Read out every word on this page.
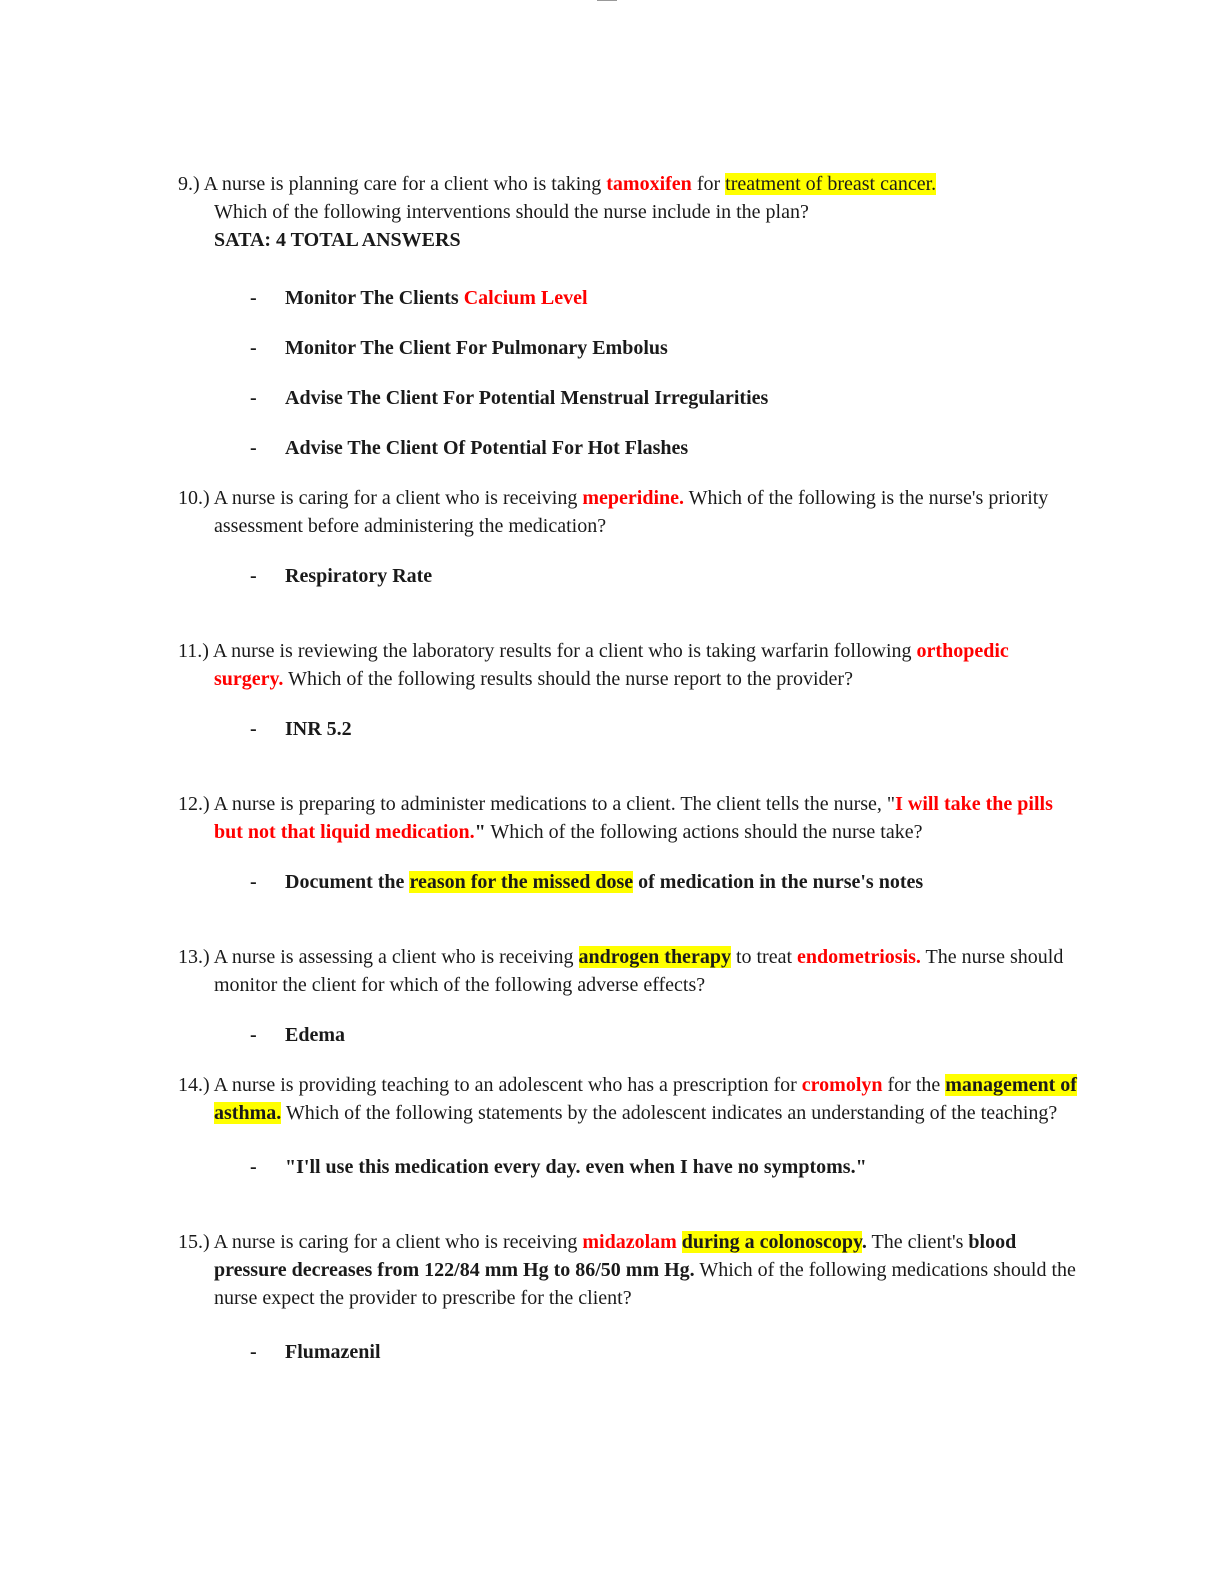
9.) A nurse is planning care for a client who is taking tamoxifen for treatment of breast cancer.
Which of the following interventions should the nurse include in the plan?
SATA: 4 TOTAL ANSWERS

- Monitor The Clients Calcium Level

- Monitor The Client For Pulmonary Embolus

- Advise The Client For Potential Menstrual Irregularities

- Advise The Client Of Potential For Hot Flashes

10.) A nurse is caring for a client who is receiving meperidine. Which of the following is the nurse's priority assessment before administering the medication?

- Respiratory Rate

11.) A nurse is reviewing the laboratory results for a client who is taking warfarin following orthopedic surgery. Which of the following results should the nurse report to the provider?

- INR 5.2

12.) A nurse is preparing to administer medications to a client. The client tells the nurse, "I will take the pills but not that liquid medication." Which of the following actions should the nurse take?

- Document the reason for the missed dose of medication in the nurse's notes

13.) A nurse is assessing a client who is receiving androgen therapy to treat endometriosis. The nurse should monitor the client for which of the following adverse effects?

- Edema

14.) A nurse is providing teaching to an adolescent who has a prescription for cromolyn for the management of asthma. Which of the following statements by the adolescent indicates an understanding of the teaching?

- "I'll use this medication every day. even when I have no symptoms."

15.) A nurse is caring for a client who is receiving midazolam during a colonoscopy. The client's blood pressure decreases from 122/84 mm Hg to 86/50 mm Hg. Which of the following medications should the nurse expect the provider to prescribe for the client?

- Flumazenil
